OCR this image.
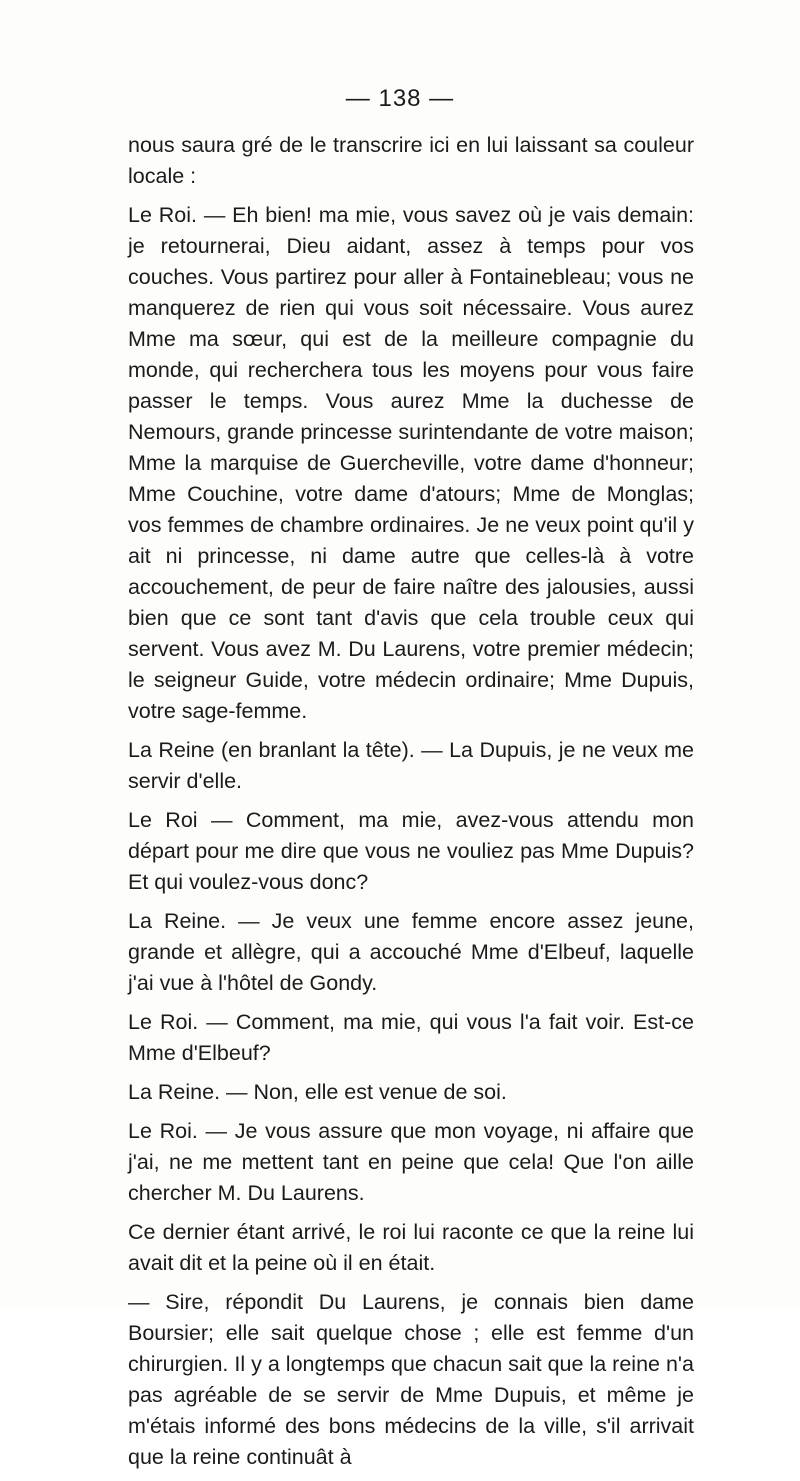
— 138 —

nous saura gré de le transcrire ici en lui laissant sa couleur locale :

Le Roi. — Eh bien! ma mie, vous savez où je vais demain: je retournerai, Dieu aidant, assez à temps pour vos couches. Vous partirez pour aller à Fontainebleau; vous ne manquerez de rien qui vous soit nécessaire. Vous aurez Mme ma sœur, qui est de la meilleure compagnie du monde, qui recherchera tous les moyens pour vous faire passer le temps. Vous aurez Mme la duchesse de Nemours, grande princesse surintendante de votre maison; Mme la marquise de Guercheville, votre dame d'honneur; Mme Couchine, votre dame d'atours; Mme de Monglas; vos femmes de chambre ordinaires. Je ne veux point qu'il y ait ni princesse, ni dame autre que celles-là à votre accouchement, de peur de faire naître des jalousies, aussi bien que ce sont tant d'avis que cela trouble ceux qui servent. Vous avez M. Du Laurens, votre premier médecin; le seigneur Guide, votre médecin ordinaire; Mme Dupuis, votre sage-femme.

La Reine (en branlant la tête). — La Dupuis, je ne veux me servir d'elle.

Le Roi — Comment, ma mie, avez-vous attendu mon départ pour me dire que vous ne vouliez pas Mme Dupuis? Et qui voulez-vous donc?

La Reine. — Je veux une femme encore assez jeune, grande et allègre, qui a accouché Mme d'Elbeuf, laquelle j'ai vue à l'hôtel de Gondy.

Le Roi. — Comment, ma mie, qui vous l'a fait voir. Est-ce Mme d'Elbeuf?

La Reine. — Non, elle est venue de soi.

Le Roi. — Je vous assure que mon voyage, ni affaire que j'ai, ne me mettent tant en peine que cela! Que l'on aille chercher M. Du Laurens.

Ce dernier étant arrivé, le roi lui raconte ce que la reine lui avait dit et la peine où il en était.

— Sire, répondit Du Laurens, je connais bien dame Boursier; elle sait quelque chose ; elle est femme d'un chirurgien. Il y a longtemps que chacun sait que la reine n'a pas agréable de se servir de Mme Dupuis, et même je m'étais informé des bons médecins de la ville, s'il arrivait que la reine continuât à
